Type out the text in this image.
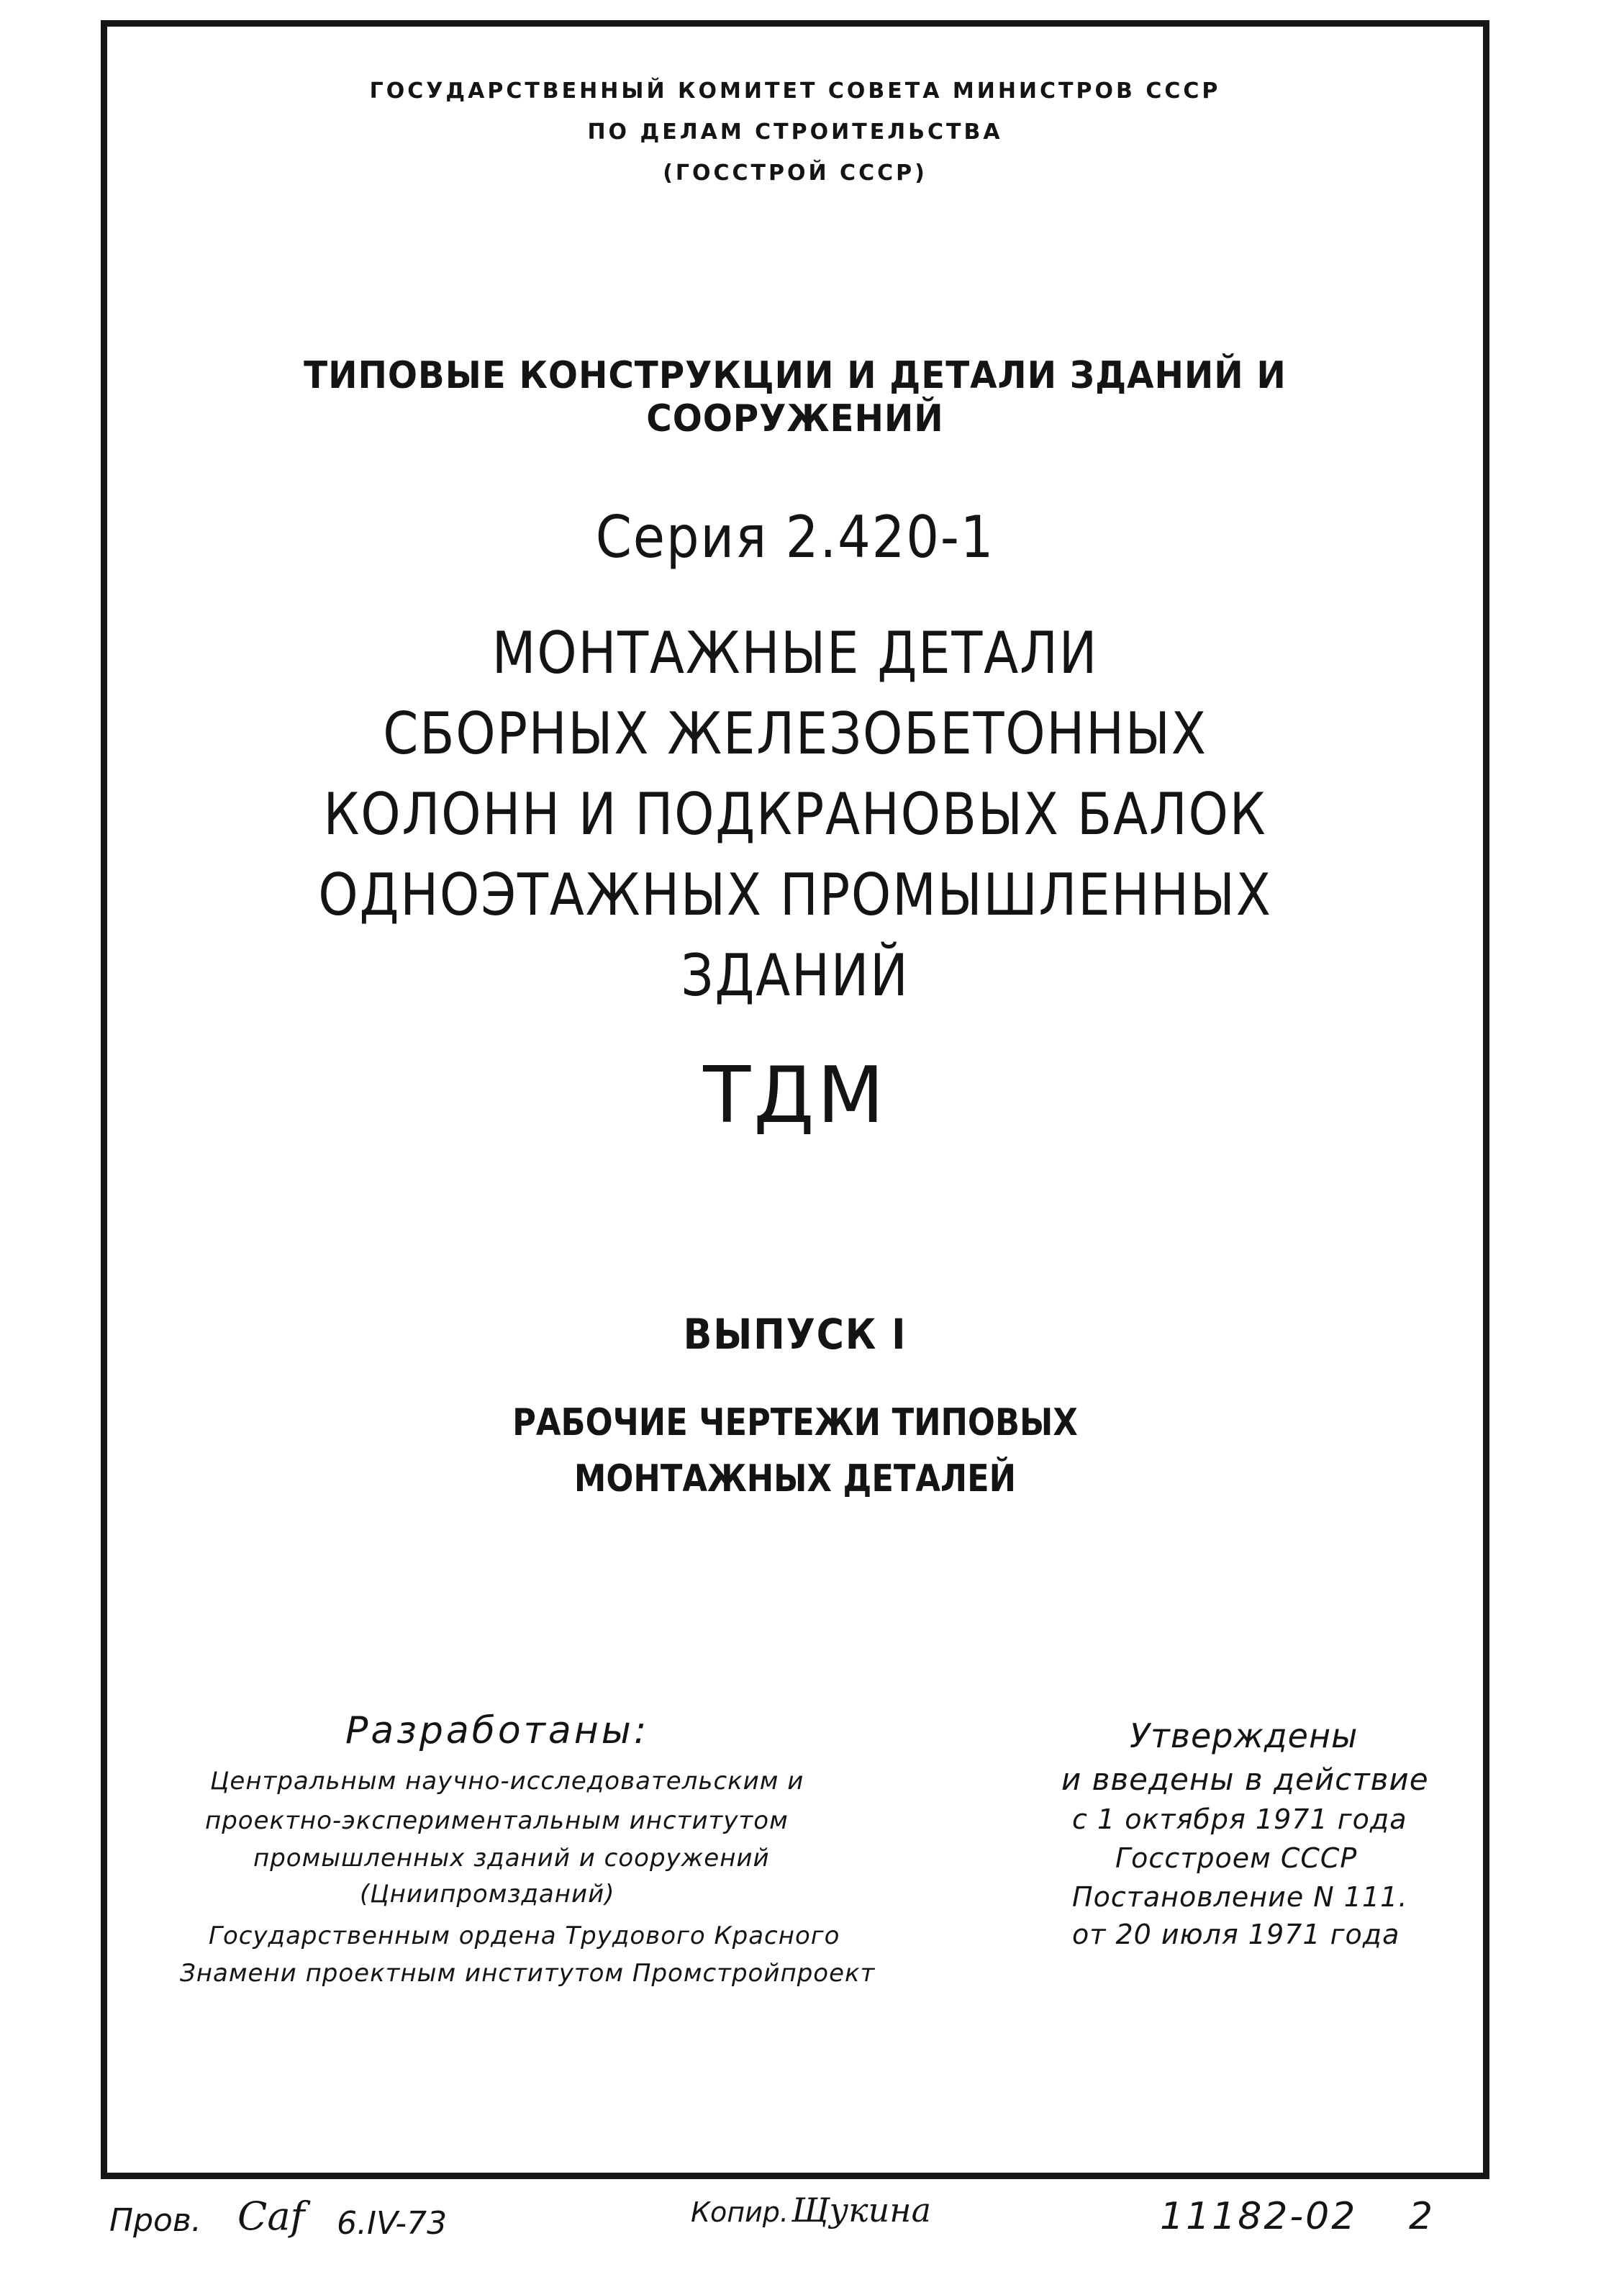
ГОСУДАРСТВЕННЫЙ КОМИТЕТ СОВЕТА МИНИСТРОВ СССР

ПО ДЕЛАМ СТРОИТЕЛЬСТВА

(ГОССТРОЙ СССР)

ТИПОВЫЕ КОНСТРУКЦИИ И ДЕТАЛИ ЗДАНИЙ И СООРУЖЕНИЙ

Серия 2.420-1

МОНТАЖНЫЕ ДЕТАЛИ

СБОРНЫХ ЖЕЛЕЗОБЕТОННЫХ

КОЛОНН И ПОДКРАНОВЫХ БАЛОК

ОДНОЭТАЖНЫХ ПРОМЫШЛЕННЫХ

ЗДАНИЙ

ТДМ

ВЫПУСК I

РАБОЧИЕ ЧЕРТЕЖИ ТИПОВЫХ

МОНТАЖНЫХ ДЕТАЛЕЙ

Разработаны:

Центральным научно-исследовательским и

проектно-экспериментальным институтом

промышленных зданий и сооружений

(Цниипромзданий)

Государственным ордена Трудового Красного

Знамени проектным институтом Промстройпроект

Утверждены

и введены в действие

с 1 октября 1971 года

Госстроем СССР

Постановление N 111.

от 20 июля 1971 года

Пров. Саf 6.IV-73	Копир. Щукина	11182-02 2
